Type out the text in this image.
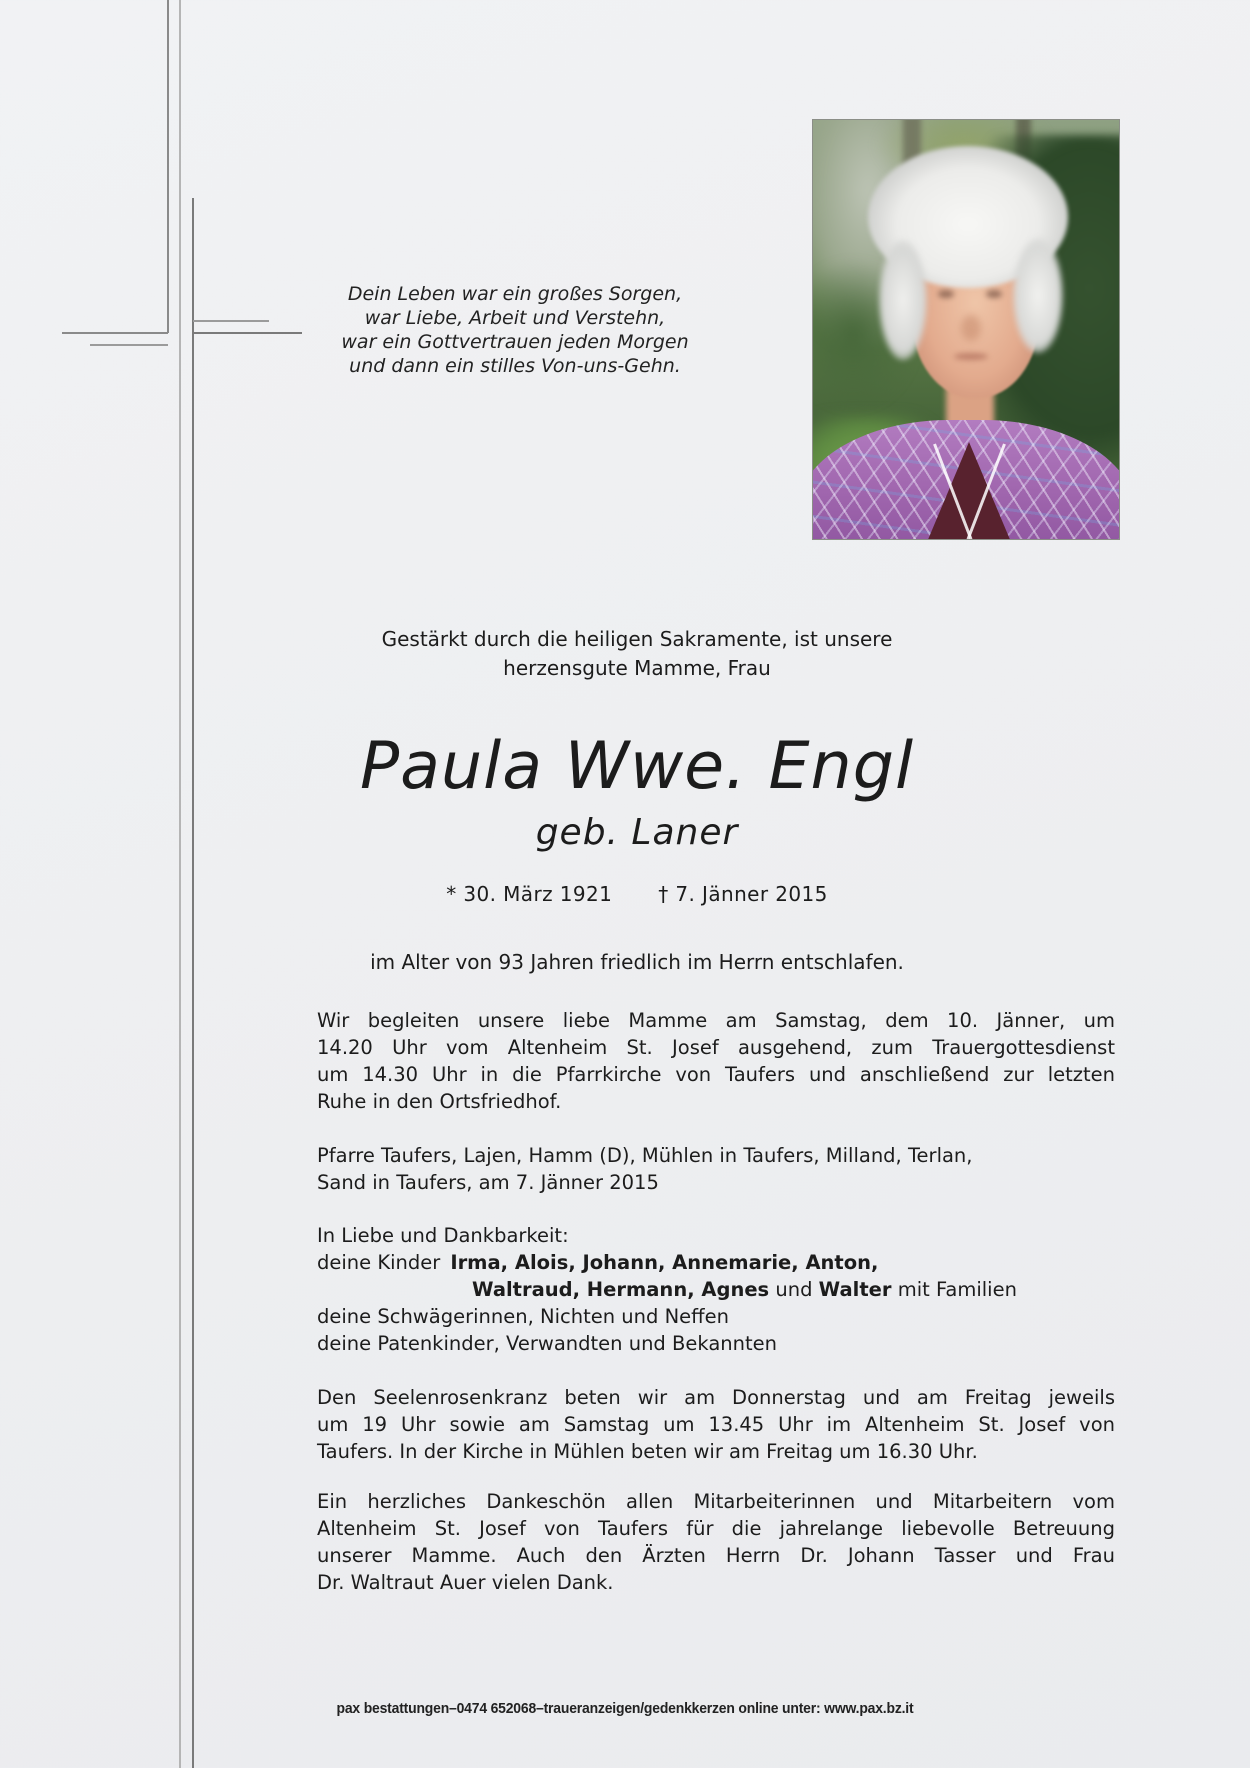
Dein Leben war ein großes Sorgen,
war Liebe, Arbeit und Verstehn,
war ein Gottvertrauen jeden Morgen
und dann ein stilles Von-uns-Gehn.
Gestärkt durch die heiligen Sakramente, ist unsere
herzensgute Mamme, Frau
Paula Wwe. Engl
geb. Laner
* 30. März 1921 † 7. Jänner 2015
im Alter von 93 Jahren friedlich im Herrn entschlafen.
Wir begleiten unsere liebe Mamme am Samstag, dem 10. Jänner, um
14.20 Uhr vom Altenheim St. Josef ausgehend, zum Trauergottesdienst
um 14.30 Uhr in die Pfarrkirche von Taufers und anschließend zur letzten
Ruhe in den Ortsfriedhof.
Pfarre Taufers, Lajen, Hamm (D), Mühlen in Taufers, Milland, Terlan,
Sand in Taufers, am 7. Jänner 2015
In Liebe und Dankbarkeit:
deine Kinder Irma, Alois, Johann, Annemarie, Anton,
Waltraud, Hermann, Agnes und Walter mit Familien
deine Schwägerinnen, Nichten und Neffen
deine Patenkinder, Verwandten und Bekannten
Den Seelenrosenkranz beten wir am Donnerstag und am Freitag jeweils
um 19 Uhr sowie am Samstag um 13.45 Uhr im Altenheim St. Josef von
Taufers. In der Kirche in Mühlen beten wir am Freitag um 16.30 Uhr.
Ein herzliches Dankeschön allen Mitarbeiterinnen und Mitarbeitern vom
Altenheim St. Josef von Taufers für die jahrelange liebevolle Betreuung
unserer Mamme. Auch den Ärzten Herrn Dr. Johann Tasser und Frau
Dr. Waltraut Auer vielen Dank.
pax bestattungen–0474 652068–traueranzeigen/gedenkkerzen online unter: www.pax.bz.it
